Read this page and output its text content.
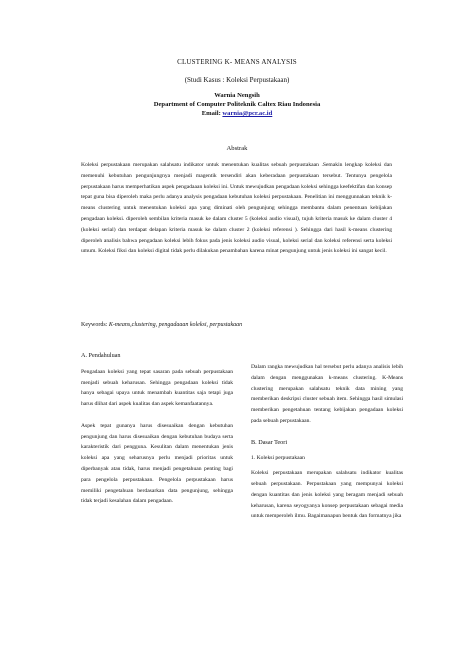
CLUSTERING K- MEANS ANALYSIS
(Studi Kasus : Koleksi Perpustakaan)
Warnia Nengsih
Department of Computer Politeknik Caltex Riau Indonesia
Email: warnia@pcr.ac.id
Abstrak
Koleksi perpustakaan merupakan salahsatu indikator untuk menentukan kualitas sebuah perpustakaan .Semakin lengkap koleksi dan memenuhi kebutuhan pengunjungnya menjadi magentik tersendiri akan keberadaan perpustakaan tersebut. Tentunya pengelola perpustakaan harus memperhatikan aspek pengadaaan koleksi ini. Untuk mewujudkan pengadaan koleksi sehingga keefektifan dan konsep tepat guna bisa diperoleh maka perlu adanya analysis pengadaan kebutuhan koleksi perpustakaan. Penelitian ini menggunnakan teknik k-means clustering untuk menentukan koleksi apa yang diminati oleh pengunjung sehingga membantu dalam penentuan kebijakan pengadaan koleksi. diperoleh sembilan kriteria masuk ke dalam cluster 5 (koleksi audio visual), tujuh kriteria masuk ke dalam cluster 4 (koleksi serial) dan terdapat delapan kriteria masuk ke dalam cluster 2 (koleksi referensi ). Sehingga dari hasil k-means clustering diperoleh analisis bahwa pengadaan koleksi lebih fokus pada jenis koleksi audio visual, koleksi serial dan koleksi referensi serta koleksi umum. Koleksi fiksi dan koleksi digital tidak perlu dilakukan penambahan karena minat pengunjung untuk jenis koleksi ini sangat kecil.
Keywords: K-means,clustering, pengadaaan koleksi, perpustakaan
A. Pendahuluan

Pengadaan koleksi yang tepat sasaran pada sebuah perpustakaan menjadi sebuah keharusan. Sehingga pengadaan koleksi tidak hanya sebagai upaya untuk menambah kuantitas saja tetapi juga harus dlihat dari aspek kualitas dan aspek kemanfaatannya.

Aspek tepat gunanya harus disesuaikan dengan kebutuhan pengunjung dan harus disesuaikan dengan kebutuhan budaya serta karakteristik dari pengguna. Kesulitan dalam menentukan jenis koleksi apa yang seharusnya perlu menjadi prioritas untuk diperbanyak atau tidak, harus menjadi pengetahuan penting bagi para pengelola perpustakaan. Pengelola perpustakaan harus memiliki pengetahuan berdasarkan data pengunjung, sehingga tidak terjadi kesalahan dalam pengadaan.

Dalam rangka mewujudkan hal tersebut perlu adanya analisis lebih dalam dengan menggunakan k-means clustering. K-Means clustering merupakan salahsatu teknik data mining yang memberikan deskripsi cluster sebuah item. Sehingga hasil simulasi memberikan pengetahuan tentang kebijakan pengadaan koleksi pada sebuah perpustakaan.

B. Dasar Teori
1. Koleksi perpustakaan

Koleksi perpustakaan merupakan salahsatu indikator kualitas sebuah perpustakaan. Perpustakaan yang mempunyai koleksi dengan kuantitas dan jenis koleksi yang beragam menjadi sebuah keharusan, karena seyogyanya konsep perpustakaan sebagai media untuk memperoleh ilmu. Bagaimanapun bentuk dan formatnya jika
